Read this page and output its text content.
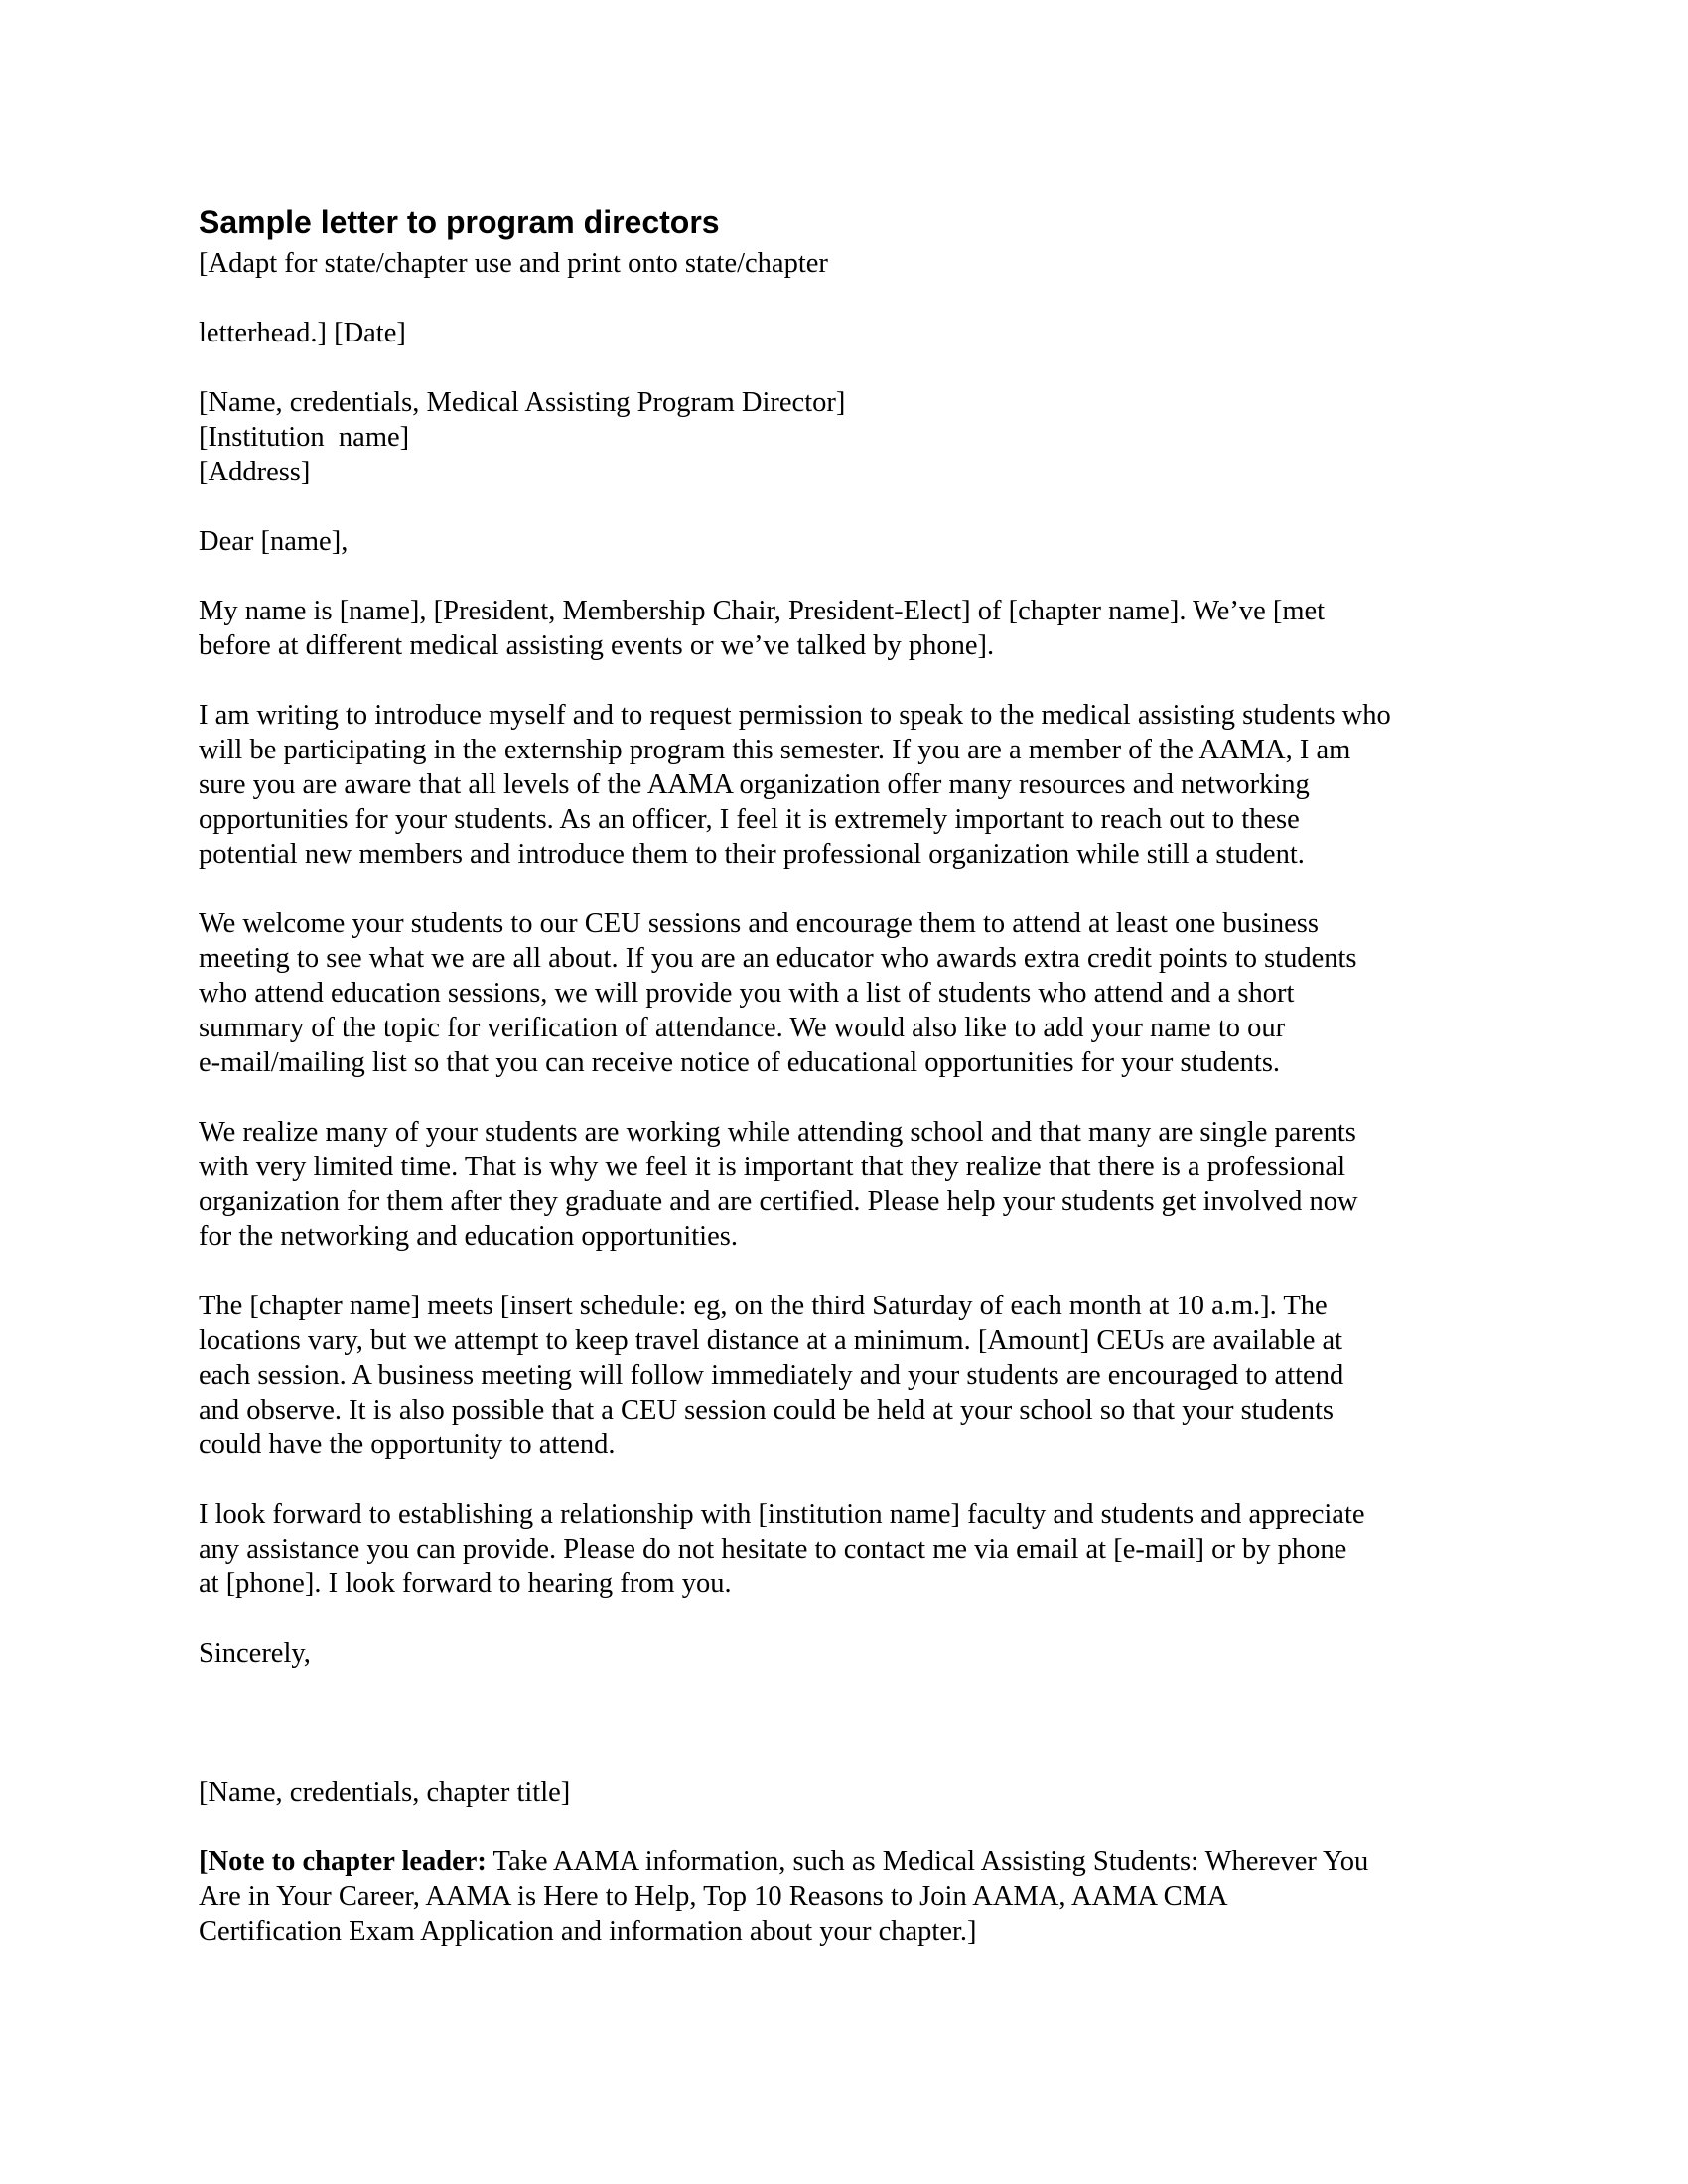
Sample letter to program directors
[Adapt for state/chapter use and print onto state/chapter
letterhead.] [Date]
[Name, credentials, Medical Assisting Program Director]
[Institution  name]
[Address]
Dear [name],
My name is [name], [President, Membership Chair, President-Elect] of [chapter name]. We’ve [met
before at different medical assisting events or we’ve talked by phone].
I am writing to introduce myself and to request permission to speak to the medical assisting students who
will be participating in the externship program this semester. If you are a member of the AAMA, I am
sure you are aware that all levels of the AAMA organization offer many resources and networking
opportunities for your students. As an officer, I feel it is extremely important to reach out to these
potential new members and introduce them to their professional organization while still a student.
We welcome your students to our CEU sessions and encourage them to attend at least one business
meeting to see what we are all about. If you are an educator who awards extra credit points to students
who attend education sessions, we will provide you with a list of students who attend and a short
summary of the topic for verification of attendance. We would also like to add your name to our
e-mail/mailing list so that you can receive notice of educational opportunities for your students.
We realize many of your students are working while attending school and that many are single parents
with very limited time. That is why we feel it is important that they realize that there is a professional
organization for them after they graduate and are certified. Please help your students get involved now
for the networking and education opportunities.
The [chapter name] meets [insert schedule: eg, on the third Saturday of each month at 10 a.m.]. The
locations vary, but we attempt to keep travel distance at a minimum. [Amount] CEUs are available at
each session. A business meeting will follow immediately and your students are encouraged to attend
and observe. It is also possible that a CEU session could be held at your school so that your students
could have the opportunity to attend.
I look forward to establishing a relationship with [institution name] faculty and students and appreciate
any assistance you can provide. Please do not hesitate to contact me via email at [e-mail] or by phone
at [phone]. I look forward to hearing from you.
Sincerely,
[Name, credentials, chapter title]
[Note to chapter leader: Take AAMA information, such as Medical Assisting Students: Wherever You
Are in Your Career, AAMA is Here to Help, Top 10 Reasons to Join AAMA, AAMA CMA
Certification Exam Application and information about your chapter.]
